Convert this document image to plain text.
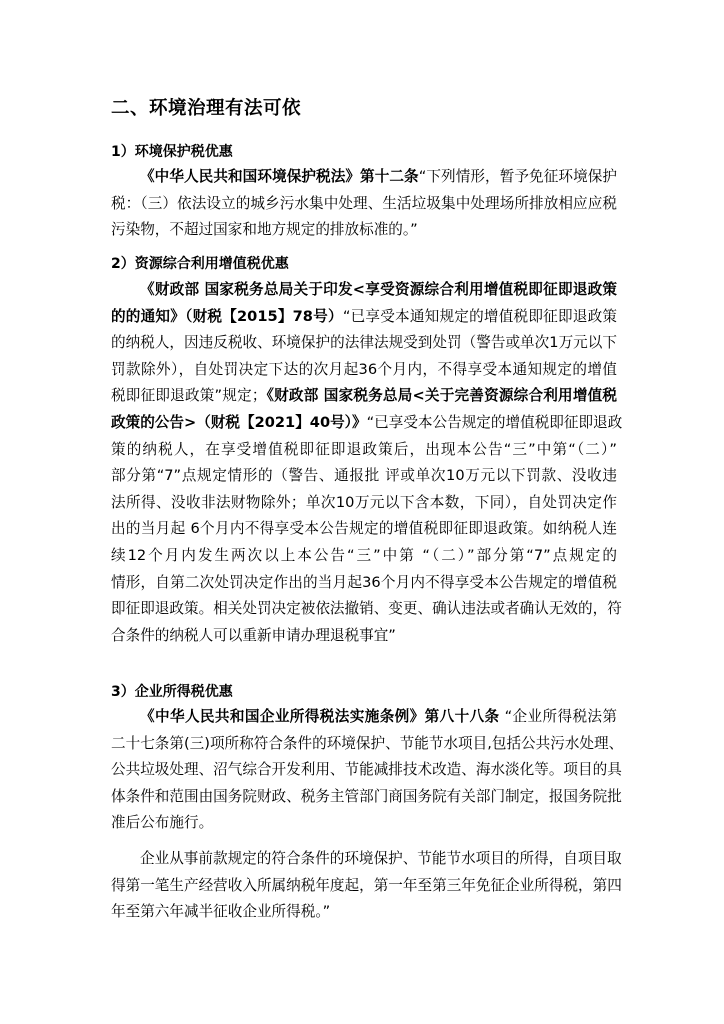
二、环境治理有法可依
1）环境保护税优惠
《中华人民共和国环境保护税法》第十二条“下列情形，暂予免征环境保护
税：（三）依法设立的城乡污水集中处理、生活垃圾集中处理场所排放相应应税
污染物，不超过国家和地方规定的排放标准的。”
2）资源综合利用增值税优惠
《财政部 国家税务总局关于印发<享受资源综合利用增值税即征即退政策
的的通知》（财税【2015】78号）“已享受本通知规定的增值税即征即退政策
的纳税人，因违反税收、环境保护的法律法规受到处罚（警告或单次1万元以下
罚款除外），自处罚决定下达的次月起36个月内，不得享受本通知规定的增值
税即征即退政策”规定；《财政部 国家税务总局<关于完善资源综合利用增值税
政策的公告>（财税【2021】40号）》“已享受本公告规定的增值税即征即退政
策的纳税人，在享受增值税即征即退政策后，出现本公告“三”中第“（二）”
部分第“7”点规定情形的（警告、通报批 评或单次10万元以下罚款、没收违
法所得、没收非法财物除外；单次10万元以下含本数，下同），自处罚决定作
出的当月起 6个月内不得享受本公告规定的增值税即征即退政策。如纳税人连
续12个月内发生两次以上本公告“三”中第 “（二）”部分第“7”点规定的
情形，自第二次处罚决定作出的当月起36个月内不得享受本公告规定的增值税
即征即退政策。相关处罚决定被依法撤销、变更、确认违法或者确认无效的，符
合条件的纳税人可以重新申请办理退税事宜”
3）企业所得税优惠
《中华人民共和国企业所得税法实施条例》第八十八条 “企业所得税法第
二十七条第(三)项所称符合条件的环境保护、节能节水项目,包括公共污水处理、
公共垃圾处理、沼气综合开发利用、节能减排技术改造、海水淡化等。项目的具
体条件和范围由国务院财政、税务主管部门商国务院有关部门制定，报国务院批
准后公布施行。
企业从事前款规定的符合条件的环境保护、节能节水项目的所得，自项目取
得第一笔生产经营收入所属纳税年度起，第一年至第三年免征企业所得税，第四
年至第六年减半征收企业所得税。”
